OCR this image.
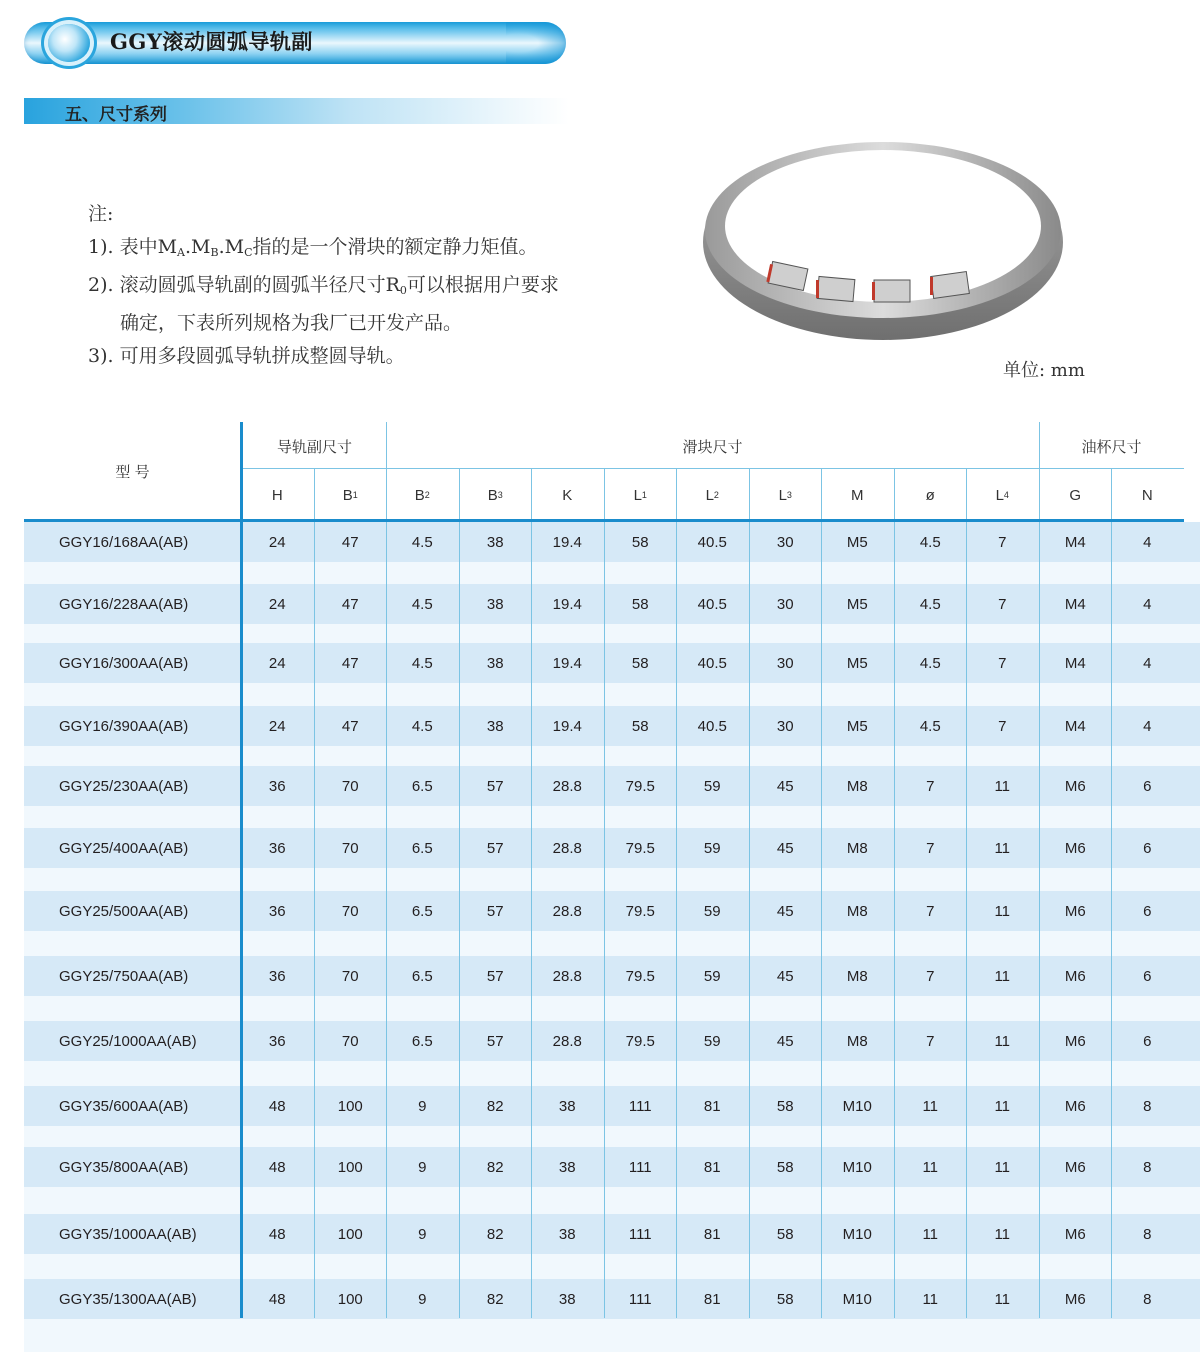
GGY滚动圆弧导轨副
五、尺寸系列
注:
1). 表中$M_A.M_B.M_C$指的是一个滑块的额定静力矩值。
2). 滚动圆弧导轨副的圆弧半径尺寸$R_0$可以根据用户要求
确定，下表所列规格为我厂已开发产品。
3). 可用多段圆弧导轨拼成整圆导轨。
单位: mm
GGY16/168AA(AB)	24	47	4.5	38	19.4	58	40.5	30	M5	4.5	7	M4	4
GGY16/228AA(AB)	24	47	4.5	38	19.4	58	40.5	30	M5	4.5	7	M4	4
GGY16/300AA(AB)	24	47	4.5	38	19.4	58	40.5	30	M5	4.5	7	M4	4
GGY16/390AA(AB)	24	47	4.5	38	19.4	58	40.5	30	M5	4.5	7	M4	4
GGY25/230AA(AB)	36	70	6.5	57	28.8	79.5	59	45	M8	7	11	M6	6
GGY25/400AA(AB)	36	70	6.5	57	28.8	79.5	59	45	M8	7	11	M6	6
GGY25/500AA(AB)	36	70	6.5	57	28.8	79.5	59	45	M8	7	11	M6	6
GGY25/750AA(AB)	36	70	6.5	57	28.8	79.5	59	45	M8	7	11	M6	6
GGY25/1000AA(AB)	36	70	6.5	57	28.8	79.5	59	45	M8	7	11	M6	6
GGY35/600AA(AB)	48	100	9	82	38	111	81	58	M10	11	11	M6	8
GGY35/800AA(AB)	48	100	9	82	38	111	81	58	M10	11	11	M6	8
GGY35/1000AA(AB)	48	100	9	82	38	111	81	58	M10	11	11	M6	8
GGY35/1300AA(AB)	48	100	9	82	38	111	81	58	M10	11	11	M6	8
型 号
导轨副尺寸	滑块尺寸	油杯尺寸
H	B 1	B 2	B 3	K	L 1	L 2	L 3	M	ø	L 4	G	N
